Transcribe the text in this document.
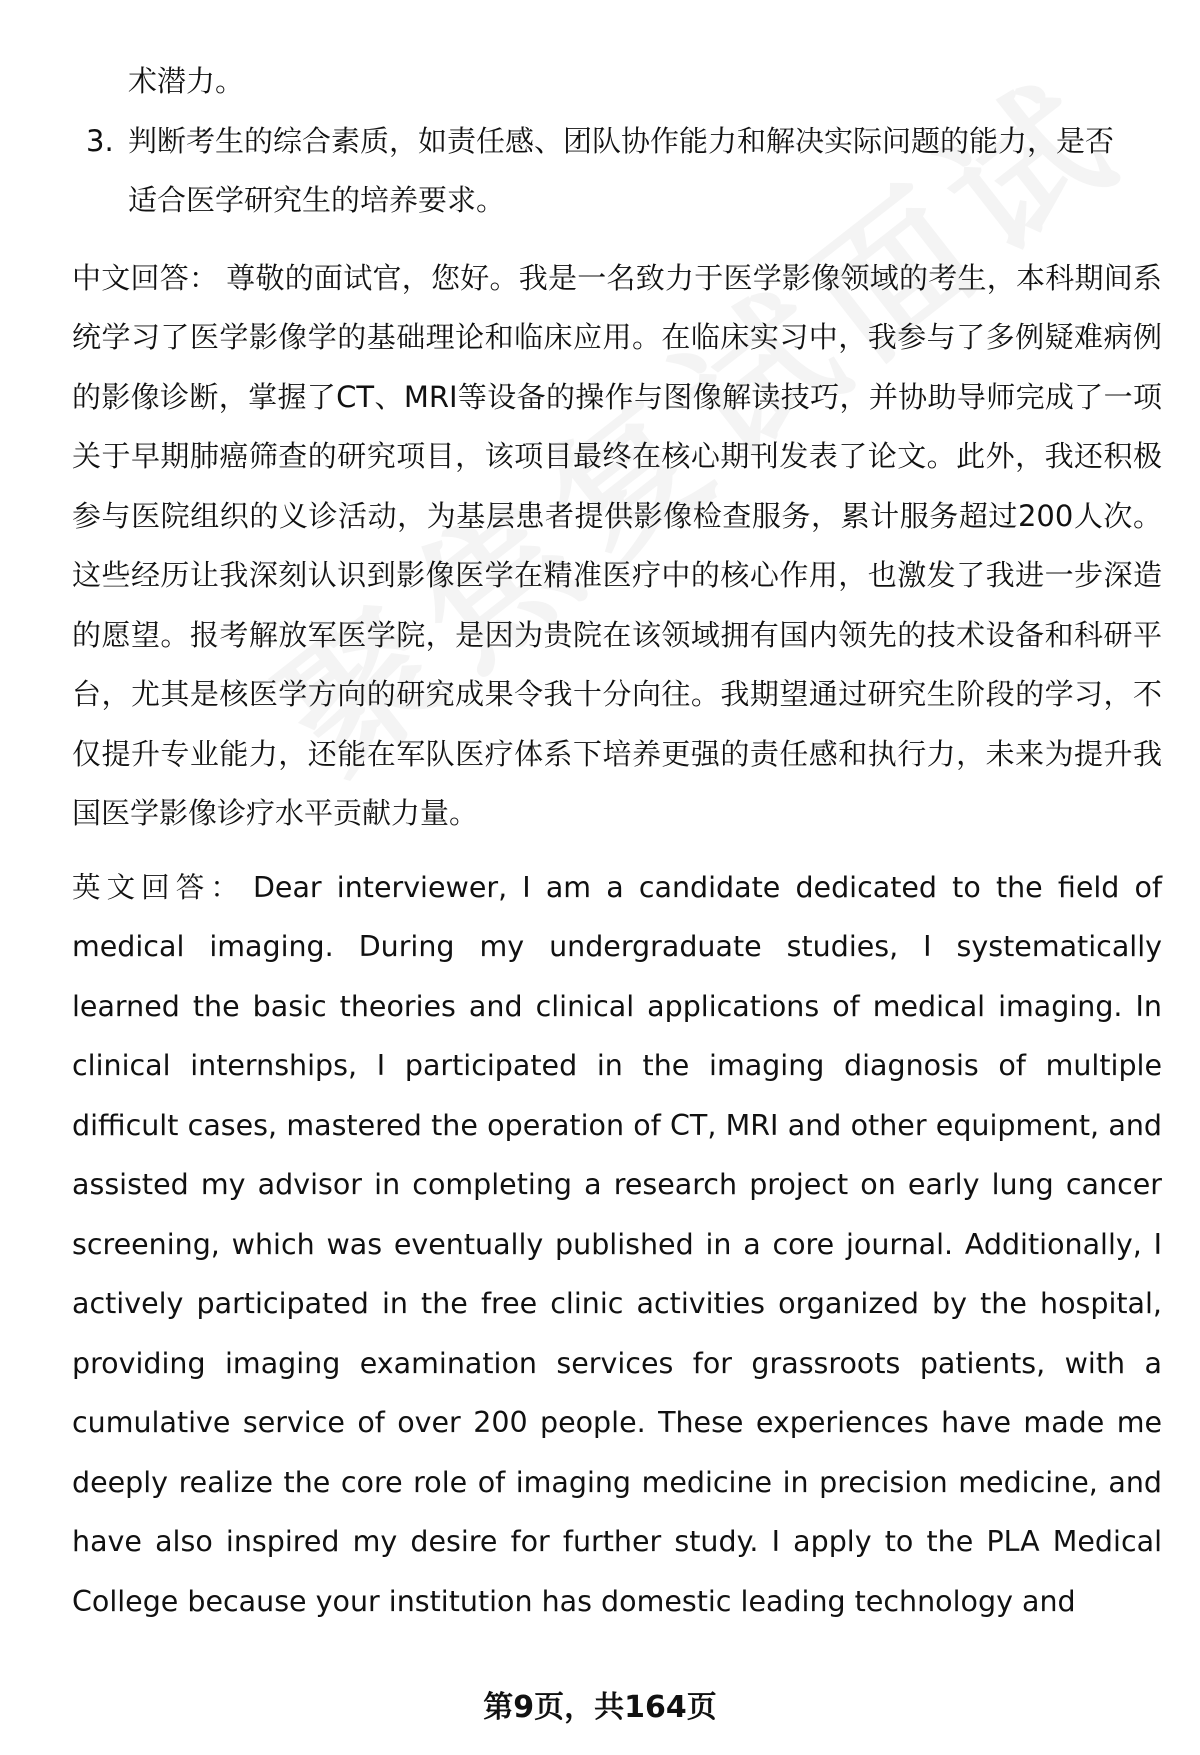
术潜力。

3. 判断考生的综合素质，如责任感、团队协作能力和解决实际问题的能力，是否
适合医学研究生的培养要求。

中文回答： 尊敬的面试官，您好。我是一名致力于医学影像领域的考生，本科期间系统学习了医学影像学的基础理论和临床应用。在临床实习中，我参与了多例疑难病例的影像诊断，掌握了CT、MRI等设备的操作与图像解读技巧，并协助导师完成了一项关于早期肺癌筛查的研究项目，该项目最终在核心期刊发表了论文。此外，我还积极参与医院组织的义诊活动，为基层患者提供影像检查服务，累计服务超过200人次。这些经历让我深刻认识到影像医学在精准医疗中的核心作用，也激发了我进一步深造的愿望。报考解放军医学院，是因为贵院在该领域拥有国内领先的技术设备和科研平台，尤其是核医学方向的研究成果令我十分向往。我期望通过研究生阶段的学习，不仅提升专业能力，还能在军队医疗体系下培养更强的责任感和执行力，未来为提升我国医学影像诊疗水平贡献力量。

英文回答： Dear interviewer, I am a candidate dedicated to the field of medical imaging. During my undergraduate studies, I systematically learned the basic theories and clinical applications of medical imaging. In clinical internships, I participated in the imaging diagnosis of multiple difficult cases, mastered the operation of CT, MRI and other equipment, and assisted my advisor in completing a research project on early lung cancer screening, which was eventually published in a core journal. Additionally, I actively participated in the free clinic activities organized by the hospital, providing imaging examination services for grassroots patients, with a cumulative service of over 200 people. These experiences have made me deeply realize the core role of imaging medicine in precision medicine, and have also inspired my desire for further study. I apply to the PLA Medical College because your institution has domestic leading technology and

第9页，共164页
